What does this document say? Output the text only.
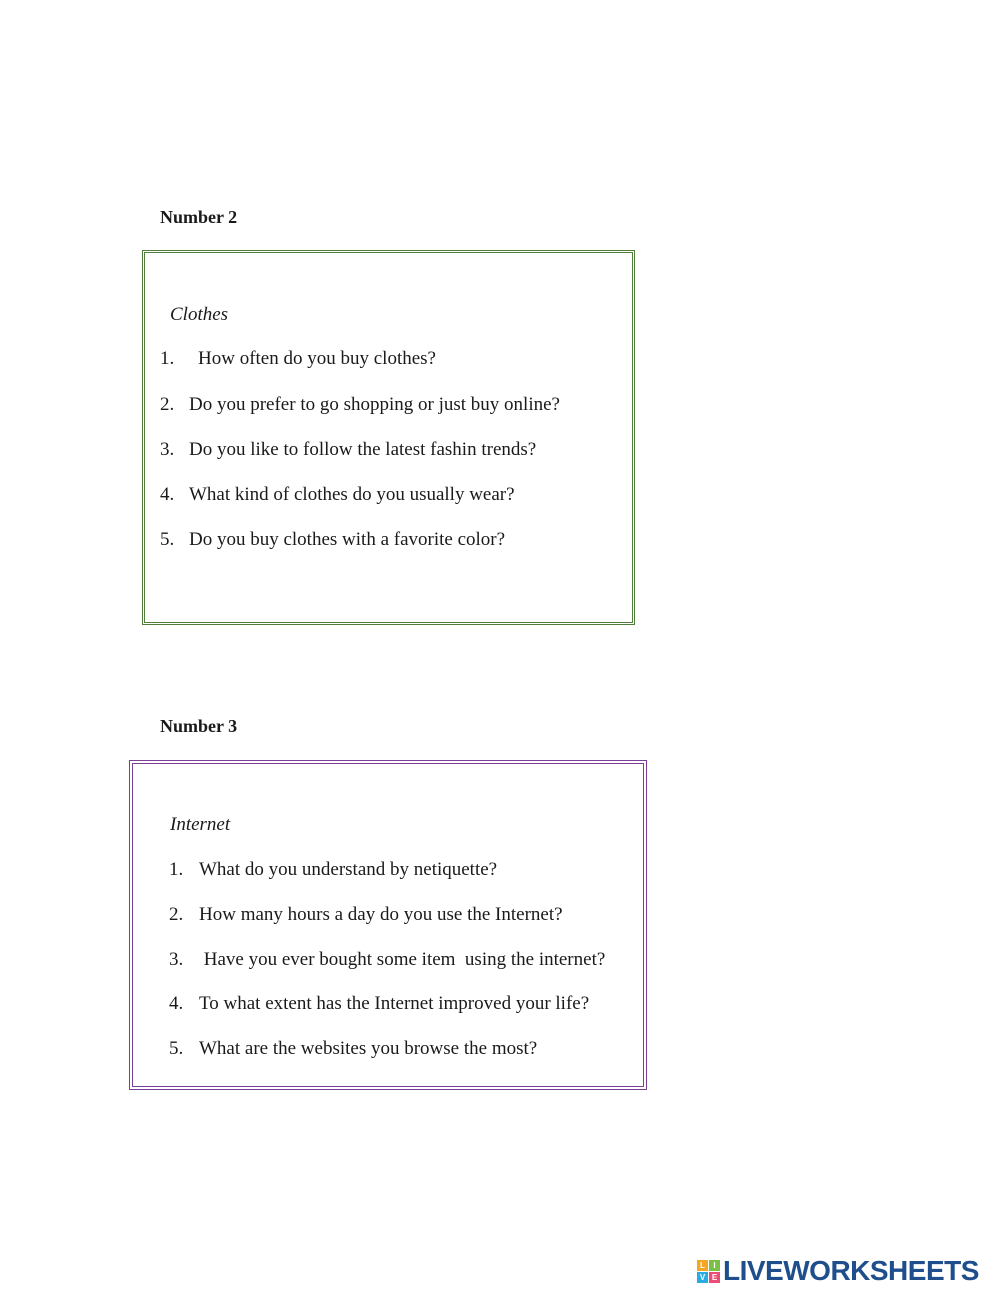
Number 2
Clothes
1. How often do you buy clothes?
2. Do you prefer to go shopping or just buy online?
3. Do you like to follow the latest fashin trends?
4. What kind of clothes do you usually wear?
5. Do you buy clothes with a favorite color?
Number 3
Internet
1. What do you understand by netiquette?
2. How many hours a day do you use the Internet?
3. Have you ever bought some item  using the internet?
4. To what extent has the Internet improved your life?
5. What are the websites you browse the most?
L	I
V E LIVEWORKSHEETS
